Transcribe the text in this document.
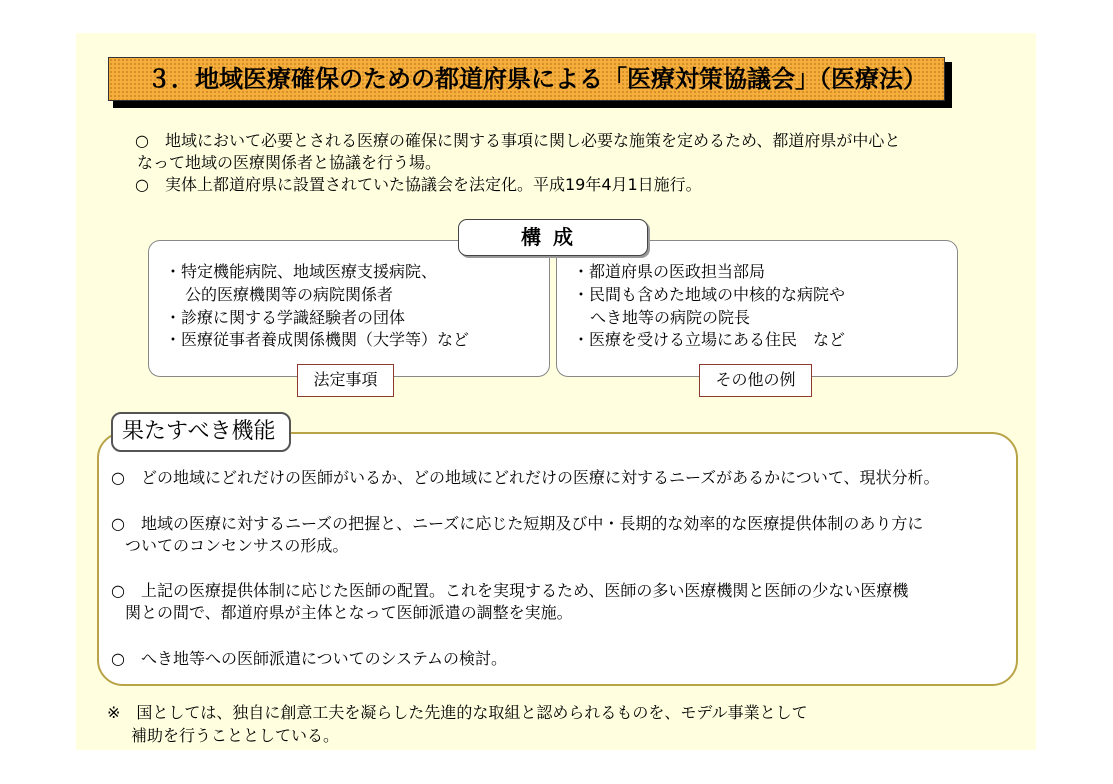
３．地域医療確保のための都道府県による「医療対策協議会」（医療法）
○　地域において必要とされる医療の確保に関する事項に関し必要な施策を定めるため、都道府県が中心と
なって地域の医療関係者と協議を行う場。
○　実体上都道府県に設置されていた協議会を法定化。平成19年4月1日施行。
構成
・特定機能病院、地域医療支援病院、
公的医療機関等の病院関係者
・診療に関する学識経験者の団体
・医療従事者養成関係機関（大学等）など
・都道府県の医政担当部局
・民間も含めた地域の中核的な病院や
へき地等の病院の院長
・医療を受ける立場にある住民　など
法定事項	その他の例
果たすべき機能
○　どの地域にどれだけの医師がいるか、どの地域にどれだけの医療に対するニーズがあるかについて、現状分析。
○　地域の医療に対するニーズの把握と、ニーズに応じた短期及び中・長期的な効率的な医療提供体制のあり方に
ついてのコンセンサスの形成。
○　上記の医療提供体制に応じた医師の配置。これを実現するため、医師の多い医療機関と医師の少ない医療機
関との間で、都道府県が主体となって医師派遣の調整を実施。
○　へき地等への医師派遣についてのシステムの検討。
※　国としては、独自に創意工夫を凝らした先進的な取組と認められるものを、モデル事業として
補助を行うこととしている。
